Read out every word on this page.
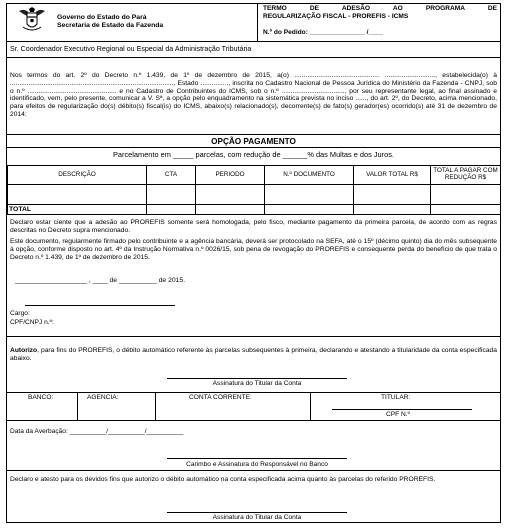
Governo do Estado do Pará
Secretaria de Estado da Fazenda
TERMO DE ADESÃO AO PROGRAMA DE
REGULARIZAÇÃO FISCAL - PROREFIS - ICMS
N.º do Pedido: _______________ /____
Sr. Coordenador Executivo Regional ou Especial da Administração Tributária
Nos termos do art. 2º do Decreto n.º 1.439, de 1º de dezembro de 2015, a(o) .............................................. ..........................., estabelecida(o) à ........................................................................................, Estado ..............., inscrita no Cadastro Nacional de Pessoa Jurídica do Ministério da Fazenda - CNPJ, sob o n.º ................................................ e no Cadastro de Contribuintes do ICMS, sob o n.º .................................., por seu representante legal, ao final assinado e identificado, vem, pelo presente, comunicar a V. Sª, a opção pelo enquadramento na sistemática prevista no inciso ......, do art. 2º, do Decreto, acima mencionado, para efeitos de regularização do(s) débito(s) fiscal(is) do ICMS, abaixo(s) relacionado(s), decorrente(s) de fato(s) gerador(es) ocorrido(s) até 31 de dezembro de 2014:
OPÇÃO PAGAMENTO
Parcelamento em _____ parcelas, com redução de ______% das Multas e dos Juros.
DESCRIÇÃO	CTA	PERIODO	N.º DOCUMENTO	VALOR TOTAL R$	TOTAL A PAGAR COM REDUÇÃO R$

TOTAL					
Declaro estar ciente que a adesão ao PROREFIS somente será homologada, pelo fisco, mediante pagamento da primeira parcela, de acordo com as regras descritas no Decreto supra mencionado.
Este documento, regularmente firmado pelo contribuinte e a agência bancária, deverá ser protocolado na SEFA, até o 15º (décimo quinto) dia do mês subsequente à opção, conforme disposto no art. 4º da Instrução Normativa n.º 0026/15, sob pena de revogação do PROREFIS e consequente perda do benefício de que trata o Decreto n.º 1.439, de 1º de dezembro de 2015.
___________________ , ____ de __________ de 2015.
Cargo:
CPF/CNPJ n.º:
Autorizo, para fins do PROREFIS, o débito automático referente às parcelas subsequentes à primeira, declarando e atestando a titularidade da conta especificada abaixo.
Assinatura do Titular da Conta
BANCO:	AGENCIA:	CONTA CORRENTE:	TITULAR:
CPF N.º
Data da Averbação: __________/__________/__________
Carimbo e Assinatura do Responsável no Banco
Declaro e atesto para os devidos fins que autorizo o débito automático na conta especificada acima quanto às parcelas do referido PROREFIS.
Assinatura do Titular da Conta
